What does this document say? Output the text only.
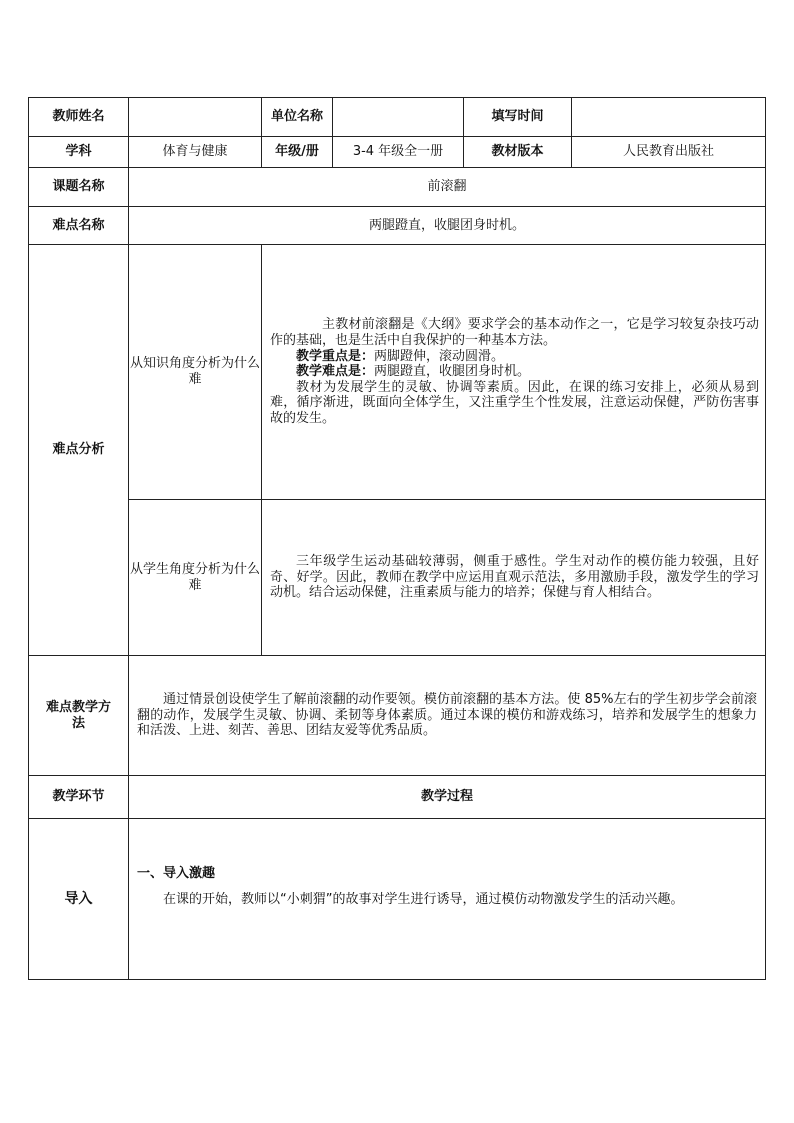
教师姓名		单位名称		填写时间	
学科	体育与健康	年级/册	3-4 年级全一册	教材版本	人民教育出版社
课题名称	前滚翻				
难点名称	两腿蹬直，收腿团身时机。				
难点分析	从知识角度分析为什么难	主教材前滚翻是《大纲》要求学会的基本动作之一，它是学习较复杂技巧动作的基础，也是生活中自我保护的一种基本方法。

教学重点是：两脚蹬伸，滚动圆滑。

教学难点是：两腿蹬直，收腿团身时机。

教材为发展学生的灵敏、协调等素质。因此，在课的练习安排上，必须从易到难，循序渐进，既面向全体学生，又注重学生个性发展，注意运动保健，严防伤害事故的发生。			

	从学生角度分析为什么难	三年级学生运动基础较薄弱，侧重于感性。学生对动作的模仿能力较强，且好奇、好学。因此，教师在教学中应运用直观示范法，多用激励手段，激发学生的学习动机。结合运动保健，注重素质与能力的培养；保健与育人相结合。			

难点教学方法	通过情景创设使学生了解前滚翻的动作要领。模仿前滚翻的基本方法。使 85%左右的学生初步学会前滚翻的动作，发展学生灵敏、协调、柔韧等身体素质。通过本课的模仿和游戏练习，培养和发展学生的想象力和活泼、上进、刻苦、善思、团结友爱等优秀品质。				

教学环节	教学过程				
导入	一、导入激趣
在课的开始，教师以“小刺猬”的故事对学生进行诱导，通过模仿动物激发学生的活动兴趣。				
